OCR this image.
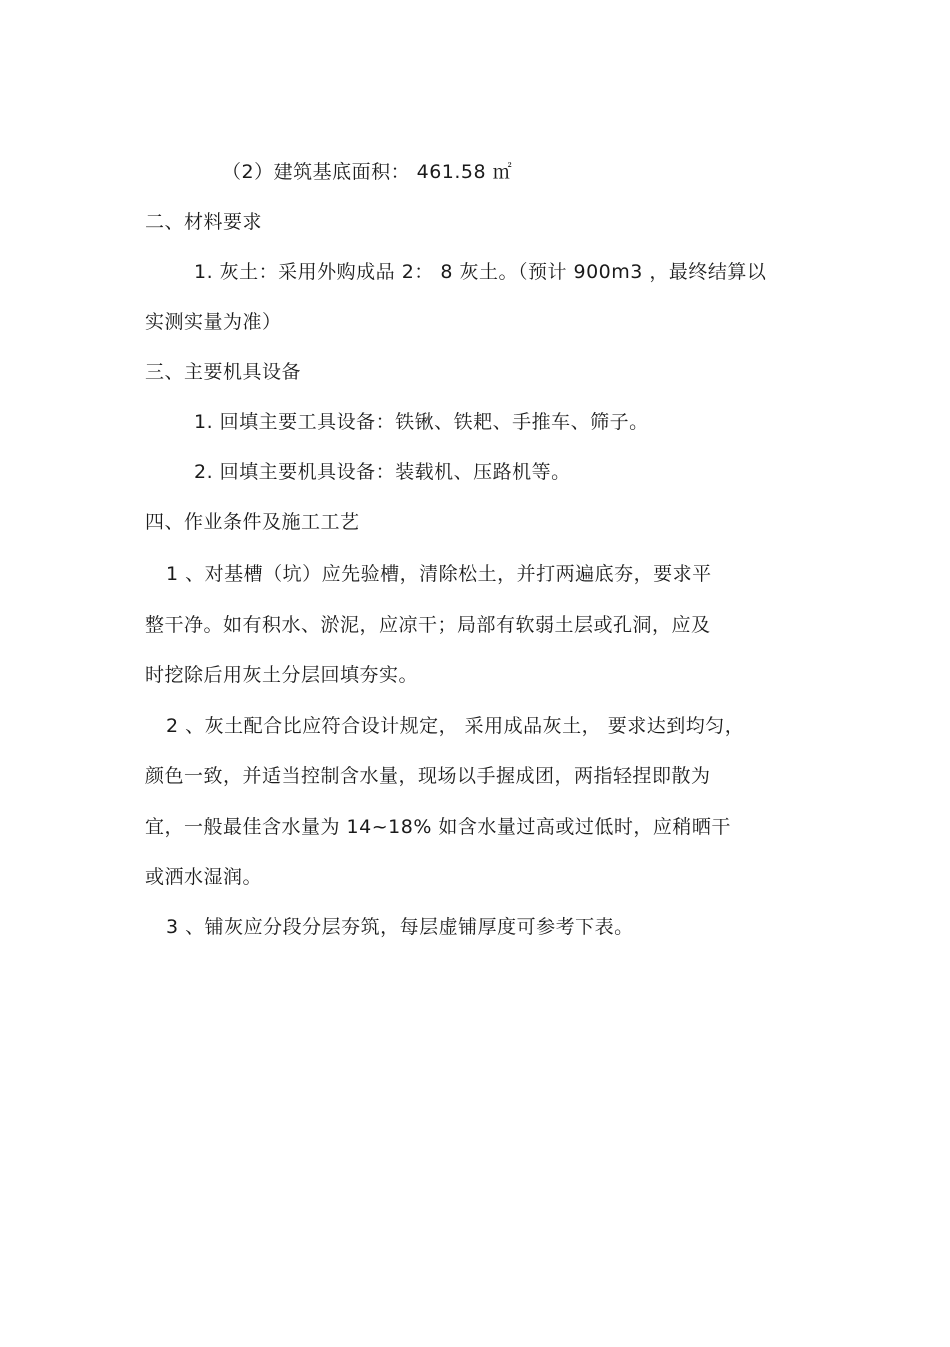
（2）建筑基底面积： 461.58 ㎡
二、材料要求
1. 灰土：采用外购成品 2： 8 灰土。（预计 900m3 ，最终结算以
实测实量为准）
三、主要机具设备
1. 回填主要工具设备：铁锹、铁耙、手推车、筛子。
2. 回填主要机具设备：装载机、压路机等。
四、作业条件及施工工艺
1 、对基槽（坑）应先验槽，清除松土，并打两遍底夯，要求平
整干净。如有积水、淤泥，应凉干；局部有软弱土层或孔洞，应及
时挖除后用灰土分层回填夯实。
2 、灰土配合比应符合设计规定， 采用成品灰土， 要求达到均匀，
颜色一致，并适当控制含水量，现场以手握成团，两指轻捏即散为
宜，一般最佳含水量为 14~18% 如含水量过高或过低时，应稍晒干
或洒水湿润。
3 、铺灰应分段分层夯筑，每层虚铺厚度可参考下表。
